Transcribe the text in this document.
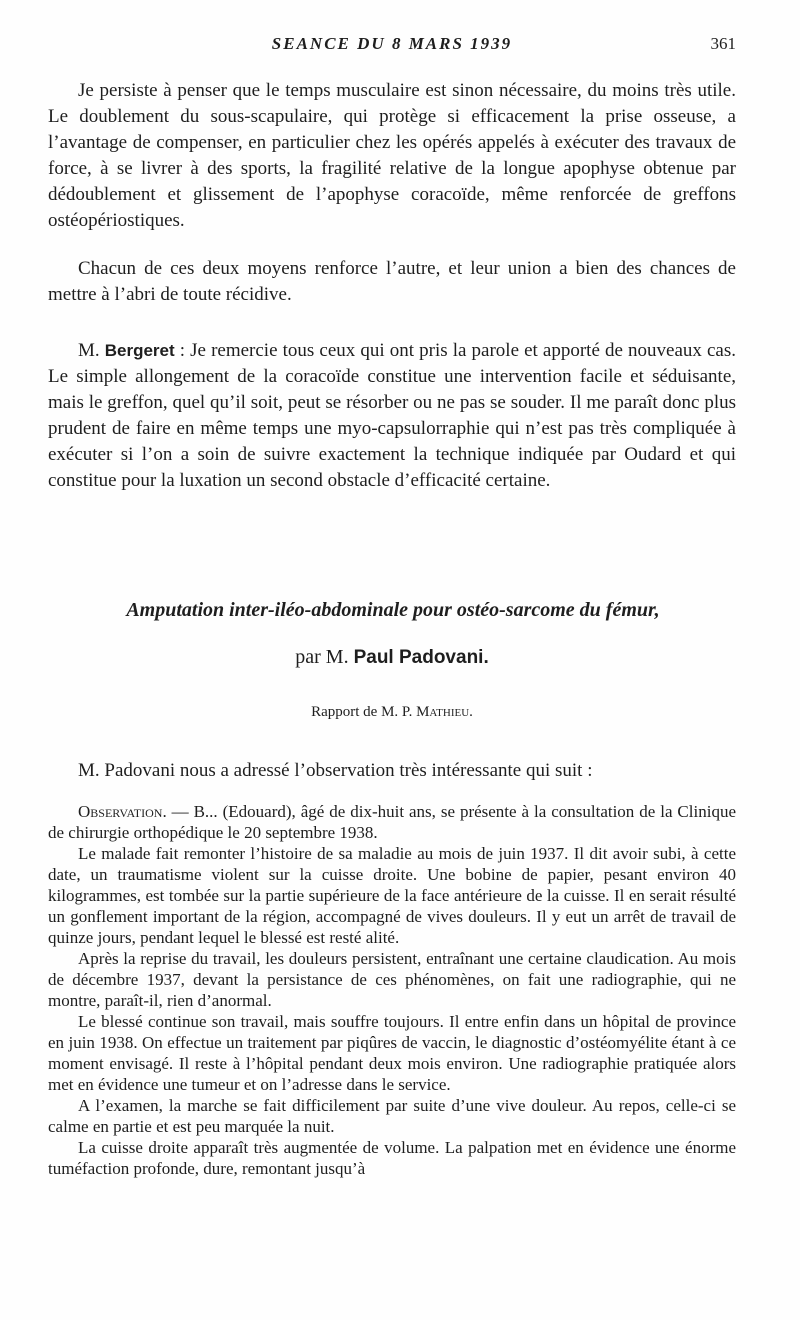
SEANCE DU 8 MARS 1939	361

Je persiste à penser que le temps musculaire est sinon nécessaire, du moins très utile. Le doublement du sous-scapulaire, qui protège si efficacement la prise osseuse, a l’avantage de compenser, en particulier chez les opérés appelés à exécuter des travaux de force, à se livrer à des sports, la fragilité relative de la longue apophyse obtenue par dédoublement et glissement de l’apophyse coracoïde, même renforcée de greffons ostéopériostiques.

Chacun de ces deux moyens renforce l’autre, et leur union a bien des chances de mettre à l’abri de toute récidive.

M. Bergeret : Je remercie tous ceux qui ont pris la parole et apporté de nouveaux cas. Le simple allongement de la coracoïde constitue une intervention facile et séduisante, mais le greffon, quel qu’il soit, peut se résorber ou ne pas se souder. Il me paraît donc plus prudent de faire en même temps une myo-capsulorraphie qui n’est pas très compliquée à exécuter si l’on a soin de suivre exactement la technique indiquée par Oudard et qui constitue pour la luxation un second obstacle d’efficacité certaine.

Amputation inter-iléo-abdominale pour ostéo-sarcome du fémur,
par M. Paul Padovani.
Rapport de M. P. Mathieu.

M. Padovani nous a adressé l’observation très intéressante qui suit :

Observation. — B... (Edouard), âgé de dix-huit ans, se présente à la consultation de la Clinique de chirurgie orthopédique le 20 septembre 1938.

Le malade fait remonter l’histoire de sa maladie au mois de juin 1937. Il dit avoir subi, à cette date, un traumatisme violent sur la cuisse droite. Une bobine de papier, pesant environ 40 kilogrammes, est tombée sur la partie supérieure de la face antérieure de la cuisse. Il en serait résulté un gonflement important de la région, accompagné de vives douleurs. Il y eut un arrêt de travail de quinze jours, pendant lequel le blessé est resté alité.

Après la reprise du travail, les douleurs persistent, entraînant une certaine claudication. Au mois de décembre 1937, devant la persistance de ces phénomènes, on fait une radiographie, qui ne montre, paraît-il, rien d’anormal.

Le blessé continue son travail, mais souffre toujours. Il entre enfin dans un hôpital de province en juin 1938. On effectue un traitement par piqûres de vaccin, le diagnostic d’ostéomyélite étant à ce moment envisagé. Il reste à l’hôpital pendant deux mois environ. Une radiographie pratiquée alors met en évidence une tumeur et on l’adresse dans le service.

A l’examen, la marche se fait difficilement par suite d’une vive douleur. Au repos, celle-ci se calme en partie et est peu marquée la nuit.

La cuisse droite apparaît très augmentée de volume. La palpation met en évidence une énorme tuméfaction profonde, dure, remontant jusqu’à
